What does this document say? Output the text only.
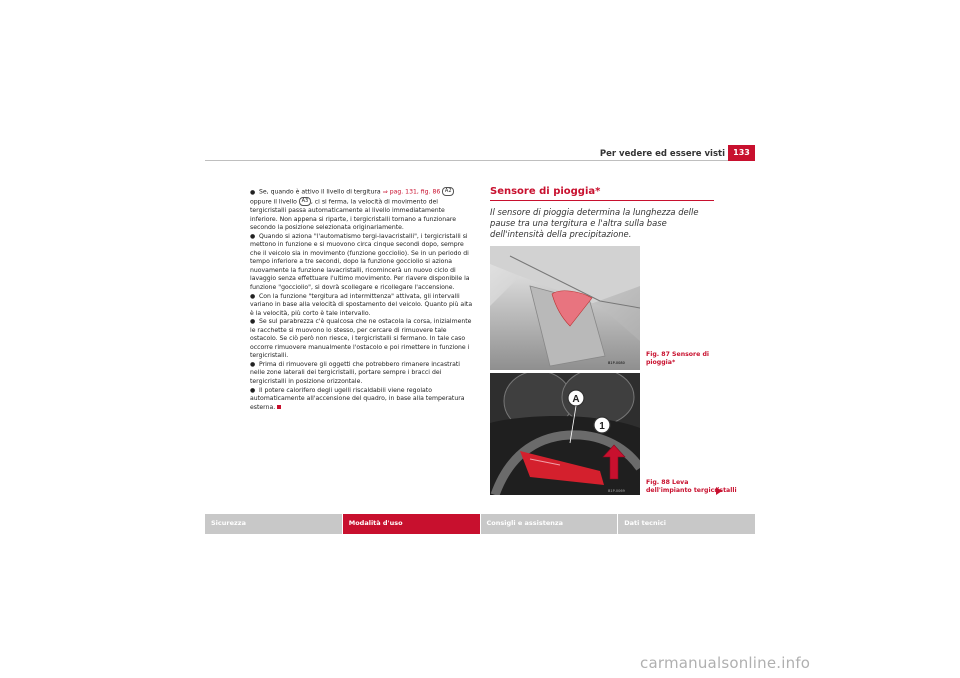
Per vedere ed essere visti	133

● Se, quando è attivo il livello di tergitura ⇒ pag. 131, fig. 86 A2 oppure il livello A3 , ci si ferma, la velocità di movimento dei tergicristalli passa automaticamente al livello immediatamente inferiore. Non appena si riparte, i tergicristalli tornano a funzionare secondo la posizione selezionata originariamente.

● Quando si aziona "l'automatismo tergi-lavacristalli", i tergicristalli si mettono in funzione e si muovono circa cinque secondi dopo, sempre che il veicolo sia in movimento (funzione gocciolio). Se in un periodo di tempo inferiore a tre secondi, dopo la funzione gocciolio si aziona nuovamente la funzione lavacristalli, ricomincerà un nuovo ciclo di lavaggio senza effettuare l'ultimo movimento. Per riavere disponibile la funzione "gocciolio", si dovrà scollegare e ricollegare l'accensione.

● Con la funzione "tergitura ad intermittenza" attivata, gli intervalli variano in base alla velocità di spostamento del veicolo. Quanto più alta è la velocità, più corto è tale intervallo.

● Se sul parabrezza c'è qualcosa che ne ostacola la corsa, inizialmente le racchette si muovono lo stesso, per cercare di rimuovere tale ostacolo. Se ciò però non riesce, i tergicristalli si fermano. In tale caso occorre rimuovere manualmente l'ostacolo e poi rimettere in funzione i tergicristalli.

● Prima di rimuovere gli oggetti che potrebbero rimanere incastrati nelle zone laterali dei tergicristalli, portare sempre i bracci dei tergicristalli in posizione orizzontale.

● Il potere calorifero degli ugelli riscaldabili viene regolato automaticamente all'accensione del quadro, in base alla temperatura esterna.

Sensore di pioggia*
Il sensore di pioggia determina la lunghezza delle pause tra una tergitura e l'altra sulla base dell'intensità della precipitazione.
B1P-0080
Fig. 87 Sensore di
pioggia*
A
1
B1P-0069
Fig. 88 Leva
dell'impianto tergicristalli
Sicurezza	Modalità d'uso	Consigli e assistenza	Dati tecnici
carmanualsonline.info
